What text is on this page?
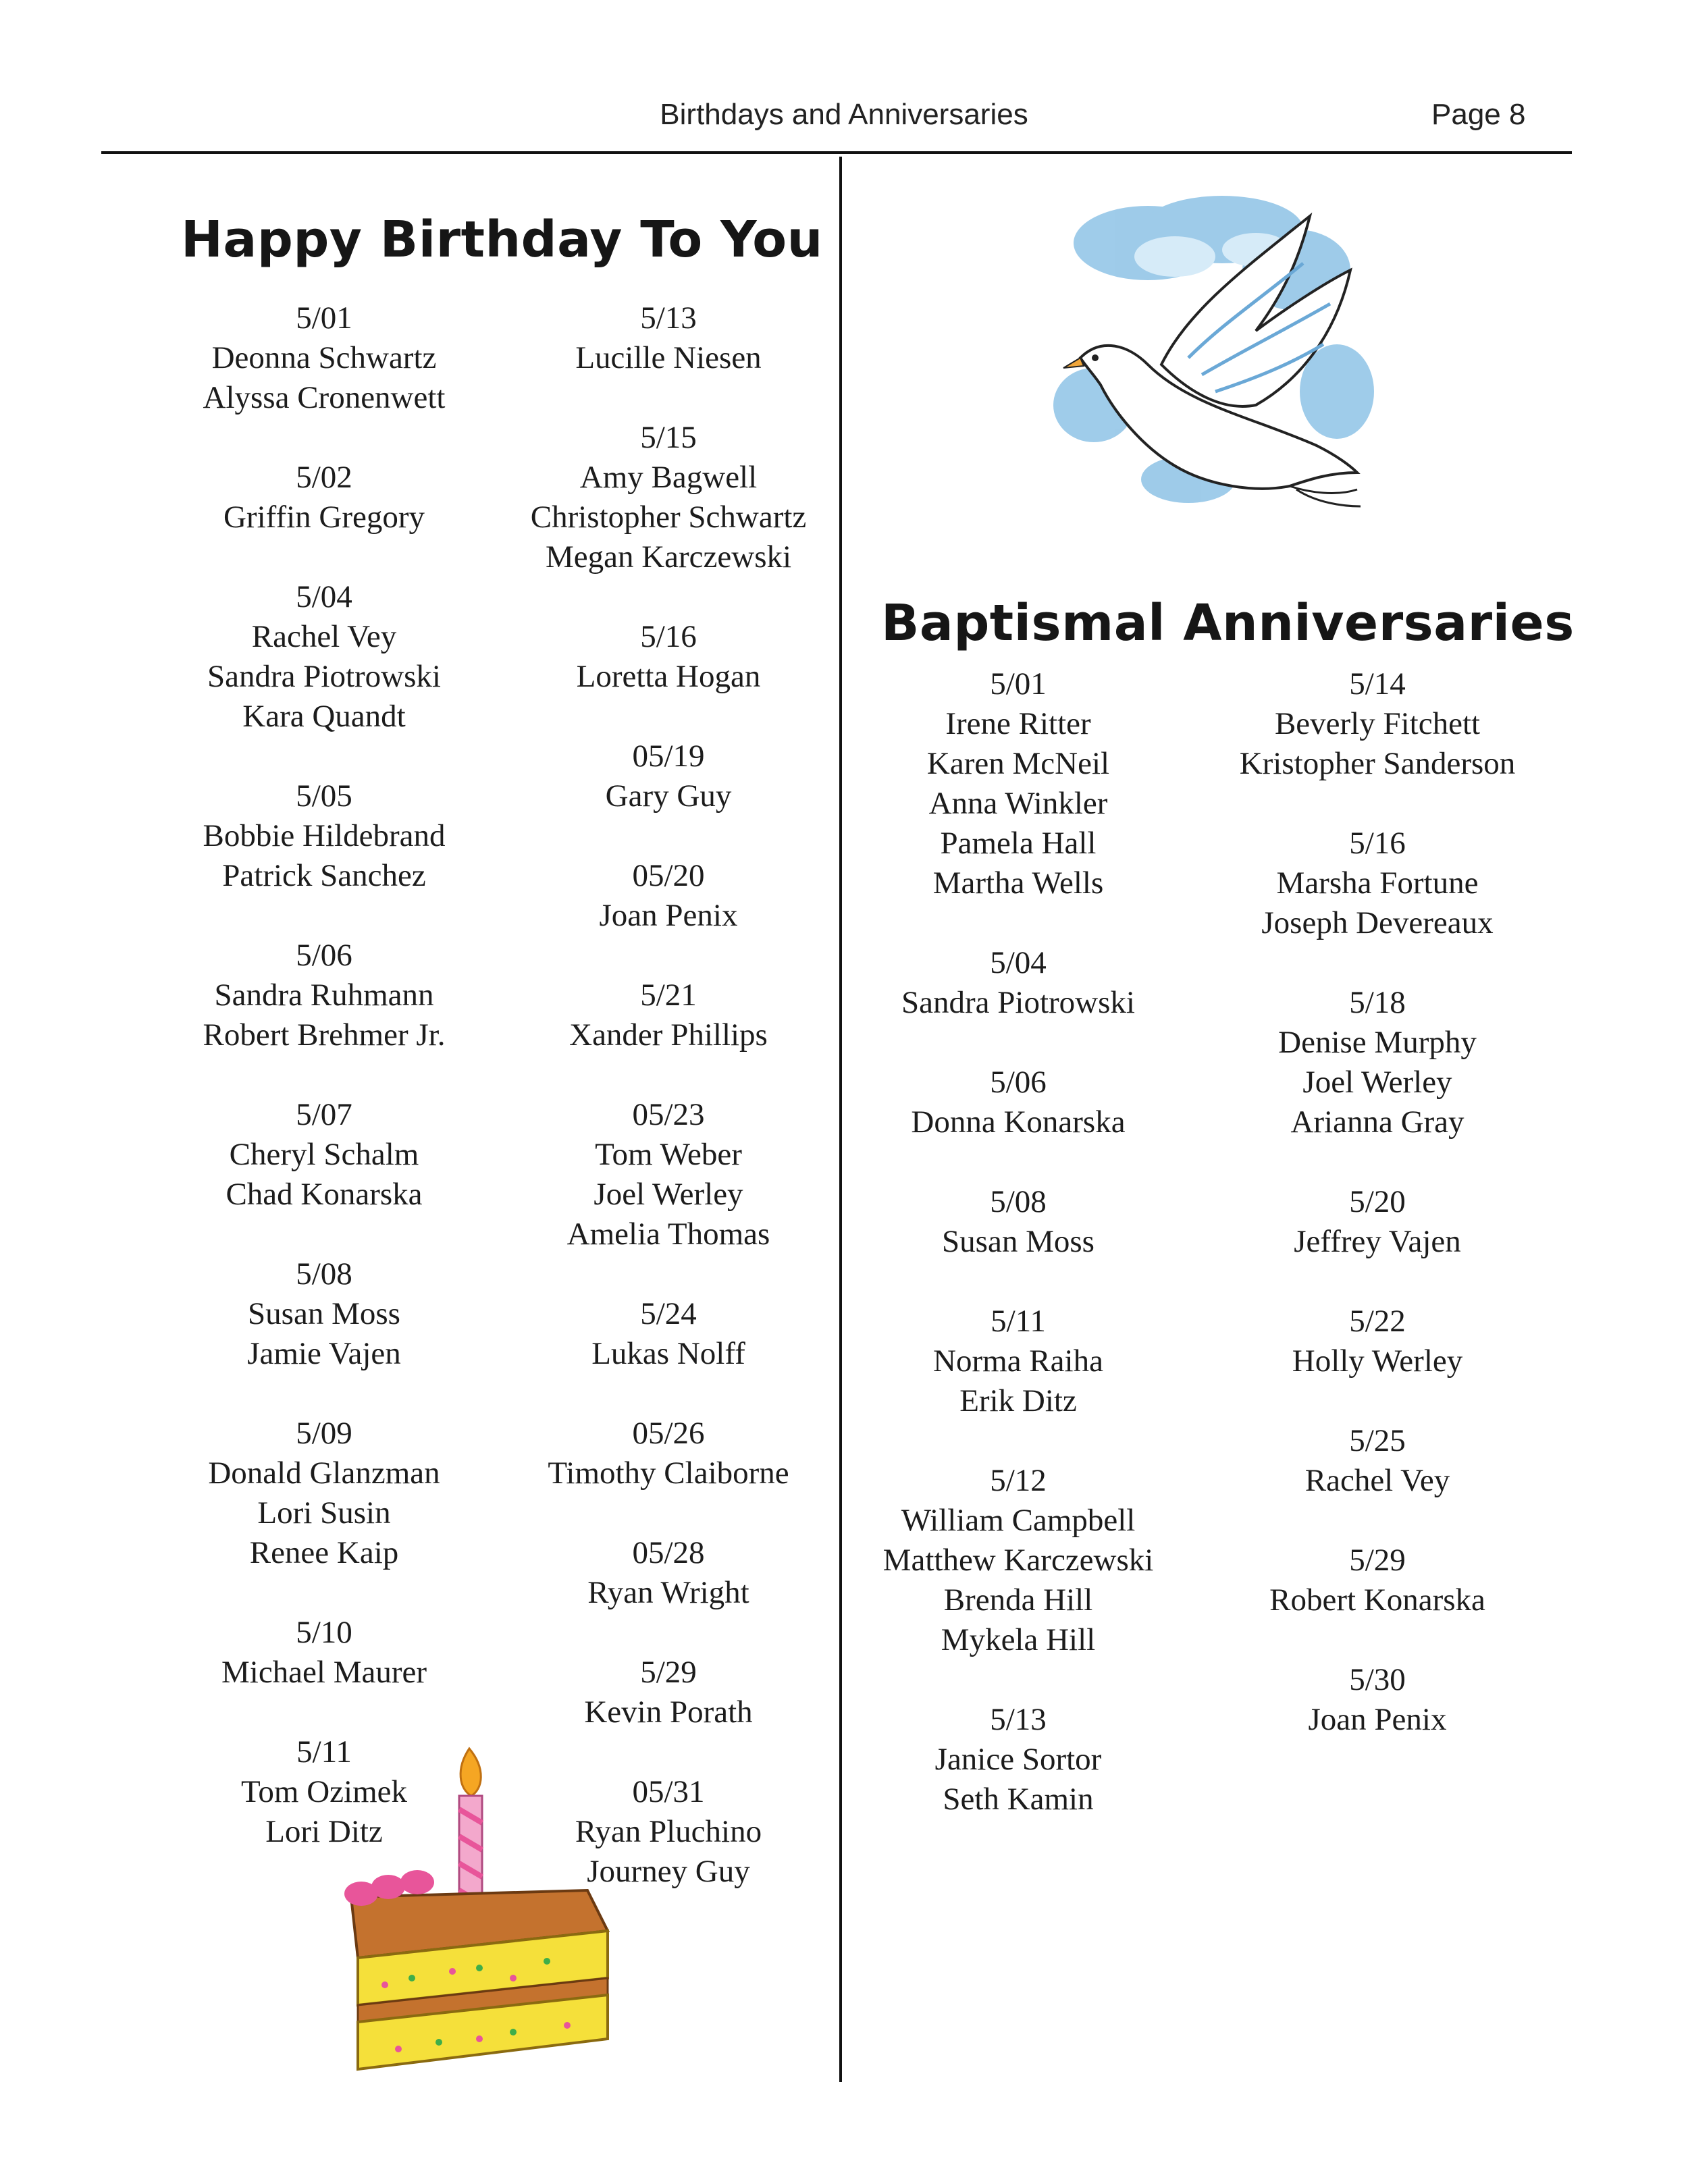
Birthdays and Anniversaries	Page 8
Happy Birthday To You
5/01
Deonna Schwartz
Alyssa Cronenwett
5/02
Griffin Gregory
5/04
Rachel Vey
Sandra Piotrowski
Kara Quandt
5/05
Bobbie Hildebrand
Patrick Sanchez
5/06
Sandra Ruhmann
Robert Brehmer Jr.
5/07
Cheryl Schalm
Chad Konarska
5/08
Susan Moss
Jamie Vajen
5/09
Donald Glanzman
Lori Susin
Renee Kaip
5/10
Michael Maurer
5/11
Tom Ozimek
Lori Ditz
5/13
Lucille Niesen
5/15
Amy Bagwell
Christopher Schwartz
Megan Karczewski
5/16
Loretta Hogan
05/19
Gary Guy
05/20
Joan Penix
5/21
Xander Phillips
05/23
Tom Weber
Joel Werley
Amelia Thomas
5/24
Lukas Nolff
05/26
Timothy Claiborne
05/28
Ryan Wright
5/29
Kevin Porath
05/31
Ryan Pluchino
Journey Guy
Baptismal Anniversaries
5/01
Irene Ritter
Karen McNeil
Anna Winkler
Pamela Hall
Martha Wells
5/04
Sandra Piotrowski
5/06
Donna Konarska
5/08
Susan Moss
5/11
Norma Raiha
Erik Ditz
5/12
William Campbell
Matthew Karczewski
Brenda Hill
Mykela Hill
5/13
Janice Sortor
Seth Kamin
5/14
Beverly Fitchett
Kristopher Sanderson
5/16
Marsha Fortune
Joseph Devereaux
5/18
Denise Murphy
Joel Werley
Arianna Gray
5/20
Jeffrey Vajen
5/22
Holly Werley
5/25
Rachel Vey
5/29
Robert Konarska
5/30
Joan Penix
